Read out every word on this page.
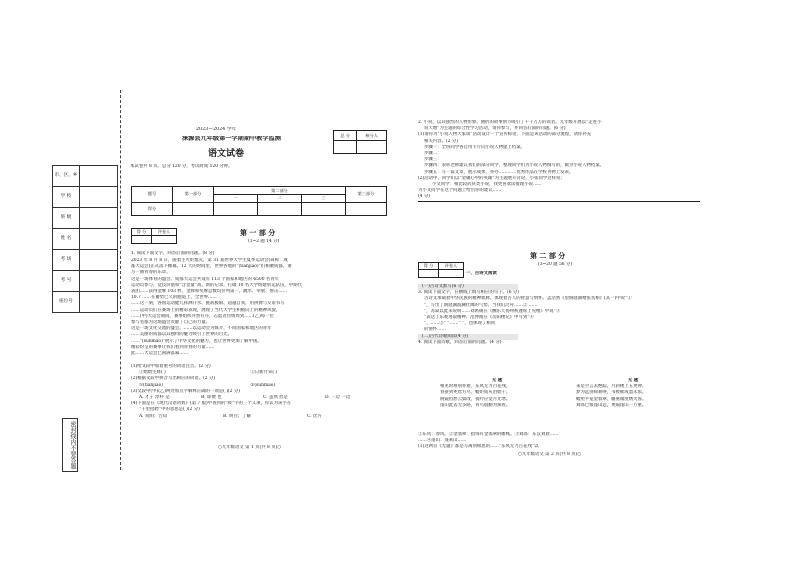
市、区、乡
学 校
班 级
姓 名
考 场
考 号
座位号
密封线内不要答题
2023—2024 学年
涞源县九年级第一学期期中教学监测
语文试卷
总 分	核分人

本试卷共 8 页。总分 120 分，考试时间 120 分钟。
题号	第一部分	第二部分			第三部分
		一	二	三	
得分					
得 分	评卷人
		第 一 部 分
(1~2 题 14 分)
1. 阅读下面文字，回答后面的问题。(8 分)
2023 年 8 月 8 日，随着主火炬熄灭，第 31 届世界大学生夏季运动会(简称：成
都大运会)正式落下帷幕。12 天的时间里，世界各地的“(tiánjiǎo)”们相聚成都，谱
写一曲青春的乐章。
这是一场体育的盛会。成都大运会共设有 113 个国家和地区的 6500 名青年
运动员参与，竞技价值和“含金量”高。新的记录，打破 10 名大学组建别运队伍，中期代
表团……获得金牌 103 枚，金牌和奖牌总数均位列第一。跳水、举重、射击……
10.7 ……在蓄势已久的跑道上，全世界……
……这一刻，各国运动健儿挥洒汗水、挑战极限、超越自我，用拼搏与友谊书写
……运动员们在赛场上的精彩表现，展现了当代大学生积极向上的精神风貌。
……(甲)大运会期间，赛事组织井然有序，志愿者热情周到……(乙)每一位
参与者都为这场盛会贡献了自己的力量。
这是一场文化交流的盛会。……以运动会为媒介，不同国家和地区的青年
……美丽的成都以其独特的魅力吸引了世界的目光。
……“(sǔnmǎo)”展示了中华文化的魅力，也让世界更加了解中国。
精彩纷呈的赛事让我们看到青春的力量……
此……大运会已圆满落幕……
(1)给文段中加着重号的词语注音。(2 分)
①熠熠生辉( )	②日新月异( )
(2)根据文段中拼音写出相应的词语。(2 分)
①(tiánjiǎo)	②(sǔnmǎo)
(3)文段中(甲)(乙)两处加点字解释正确的一项是( )(2 分)
A. 才子 淳朴 是	B. 即便 也	C. 虽然 但是	D. 一边 一边
(4)下面是在《现代汉语词典》(第 7 版)中查到的“吸”字的三个义项，你认为该字在
“千里招聘”中的意思是( )(2 分)
A. 说明；告知	B. 明白；了解	C. 比方
○九年级语文 第 1 页(共 8 页)○
2. 小说，以其强烈的人物形象、曲折的故事情节吸引了千千万万的读者。九年级开展以“走进小
说天地”为主题的综合性学习活动，请你参与，并回答后面的问题。(6 分)
(1)请你为“小说人物大家谈”活动设计一个宣传标语，下面是该活动的部分流程，请你补充
相关内容。(2 分)
步骤一：全班同学各自用卡片向小说人物提上档案。
步骤二：
步骤三：
步骤四：表彰老师建议我们的部分同学，整理同学们为小说人物撰写的，做为小说人物档案。
步骤五：写一篇文章，展示成果，举办…………优秀作品在学校刊物上发表。
(2)活动中，同学们以“金庸心中的英雄”为主题展开讨论，小张同学这样说：
小文同学：相比较武侠类小说，我更喜欢读推理小说……
为小文同学在这个问题上给出你的建议……
(4 分)
得 分	评卷人

第 二 部 分
(3~20 题 56 分)
一、古诗文阅读
(一)古诗文默写(6 分)
3. 阅读下面文字，在横线上填写相应的句子。(6 分)
古诗文承载着中华民族的精神血脉，体现着古人的智慧与情怀。孟浩然《望洞庭湖赠张丞相》(其一)中说“①
”，写出了洞庭湖波澜壮阔的气势。当我们泛舟……② ……
”，苏轼以此来说明……刘禹锡在《酬乐天扬州初逢席上见赠》中说“③
”表达了乐观进取精神。范仲淹在《岳阳楼记》中写到“④
”，……⑤“ ”……“ ”，也体现了相同
的情怀……
(二)古代诗歌阅读(4 分)
4. 阅读下面诗歌，回答后面的问题。(4 分)
无 题
相见时难别亦难，东风无力百花残。
春蚕到死丝方尽，蜡炬成灰泪始干。
晓镜但愁云鬓改，夜吟应觉月光寒。
蓬山此去无多路，青鸟殷勤为探看。
无 题
来是空言去绝踪，月斜楼上五更钟。
梦为远别啼难唤，书被催成墨未浓。
蜡照半笼金翡翠，麝熏微度绣芙蓉。
刘郎已恨蓬山远，更隔蓬山一万重。
①东风：春风。②金翡翠：指饰有金翡翠的帷帐。③刘郎：东汉刘晨……
……④蓬山：蓬莱山……
(1)这两首《无题》都是写离别相思的……“东风无力百花残”以
○九年级语文 第 2 页(共 8 页)○
